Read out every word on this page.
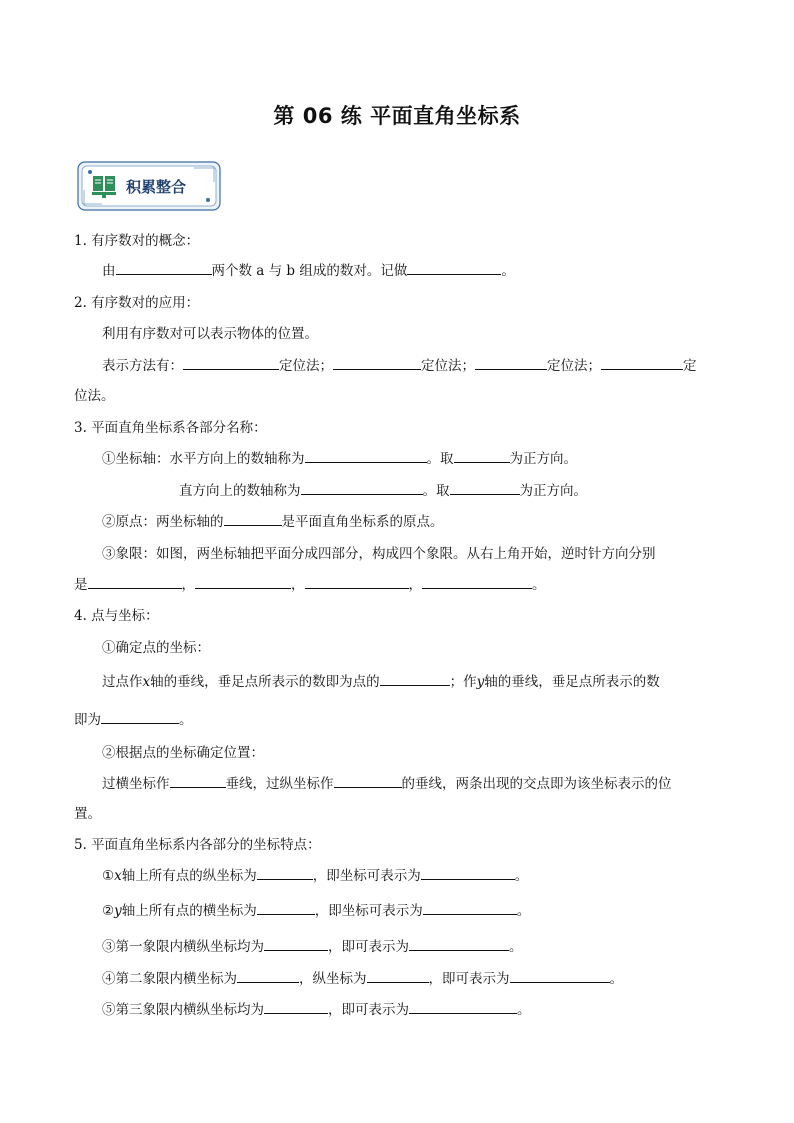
第 06 练 平面直角坐标系
积累整合
1. 有序数对的概念：
由	两个数 a 与 b 组成的数对。记做	。
2. 有序数对的应用：
利用有序数对可以表示物体的位置。
表示方法有：	定位法；	定位法；	定位法；	定
位法。
3. 平面直角坐标系各部分名称：
①坐标轴：水平方向上的数轴称为	。取	为正方向。
直方向上的数轴称为	。取	为正方向。
②原点：两坐标轴的	是平面直角坐标系的原点。
③象限：如图，两坐标轴把平面分成四部分，构成四个象限。从右上角开始，逆时针方向分别
是	，	，	，	。
4. 点与坐标：
①确定点的坐标：
过点作x轴的垂线，垂足点所表示的数即为点的	；作y轴的垂线，垂足点所表示的数
即为	。
②根据点的坐标确定位置：
过横坐标作	垂线，过纵坐标作	的垂线，两条出现的交点即为该坐标表示的位
置。
5. 平面直角坐标系内各部分的坐标特点：
①x轴上所有点的纵坐标为	，即坐标可表示为	。
②y轴上所有点的横坐标为	，即坐标可表示为	。
③第一象限内横纵坐标均为	，即可表示为	。
④第二象限内横坐标为	，纵坐标为	，即可表示为	。
⑤第三象限内横纵坐标均为	，即可表示为	。
